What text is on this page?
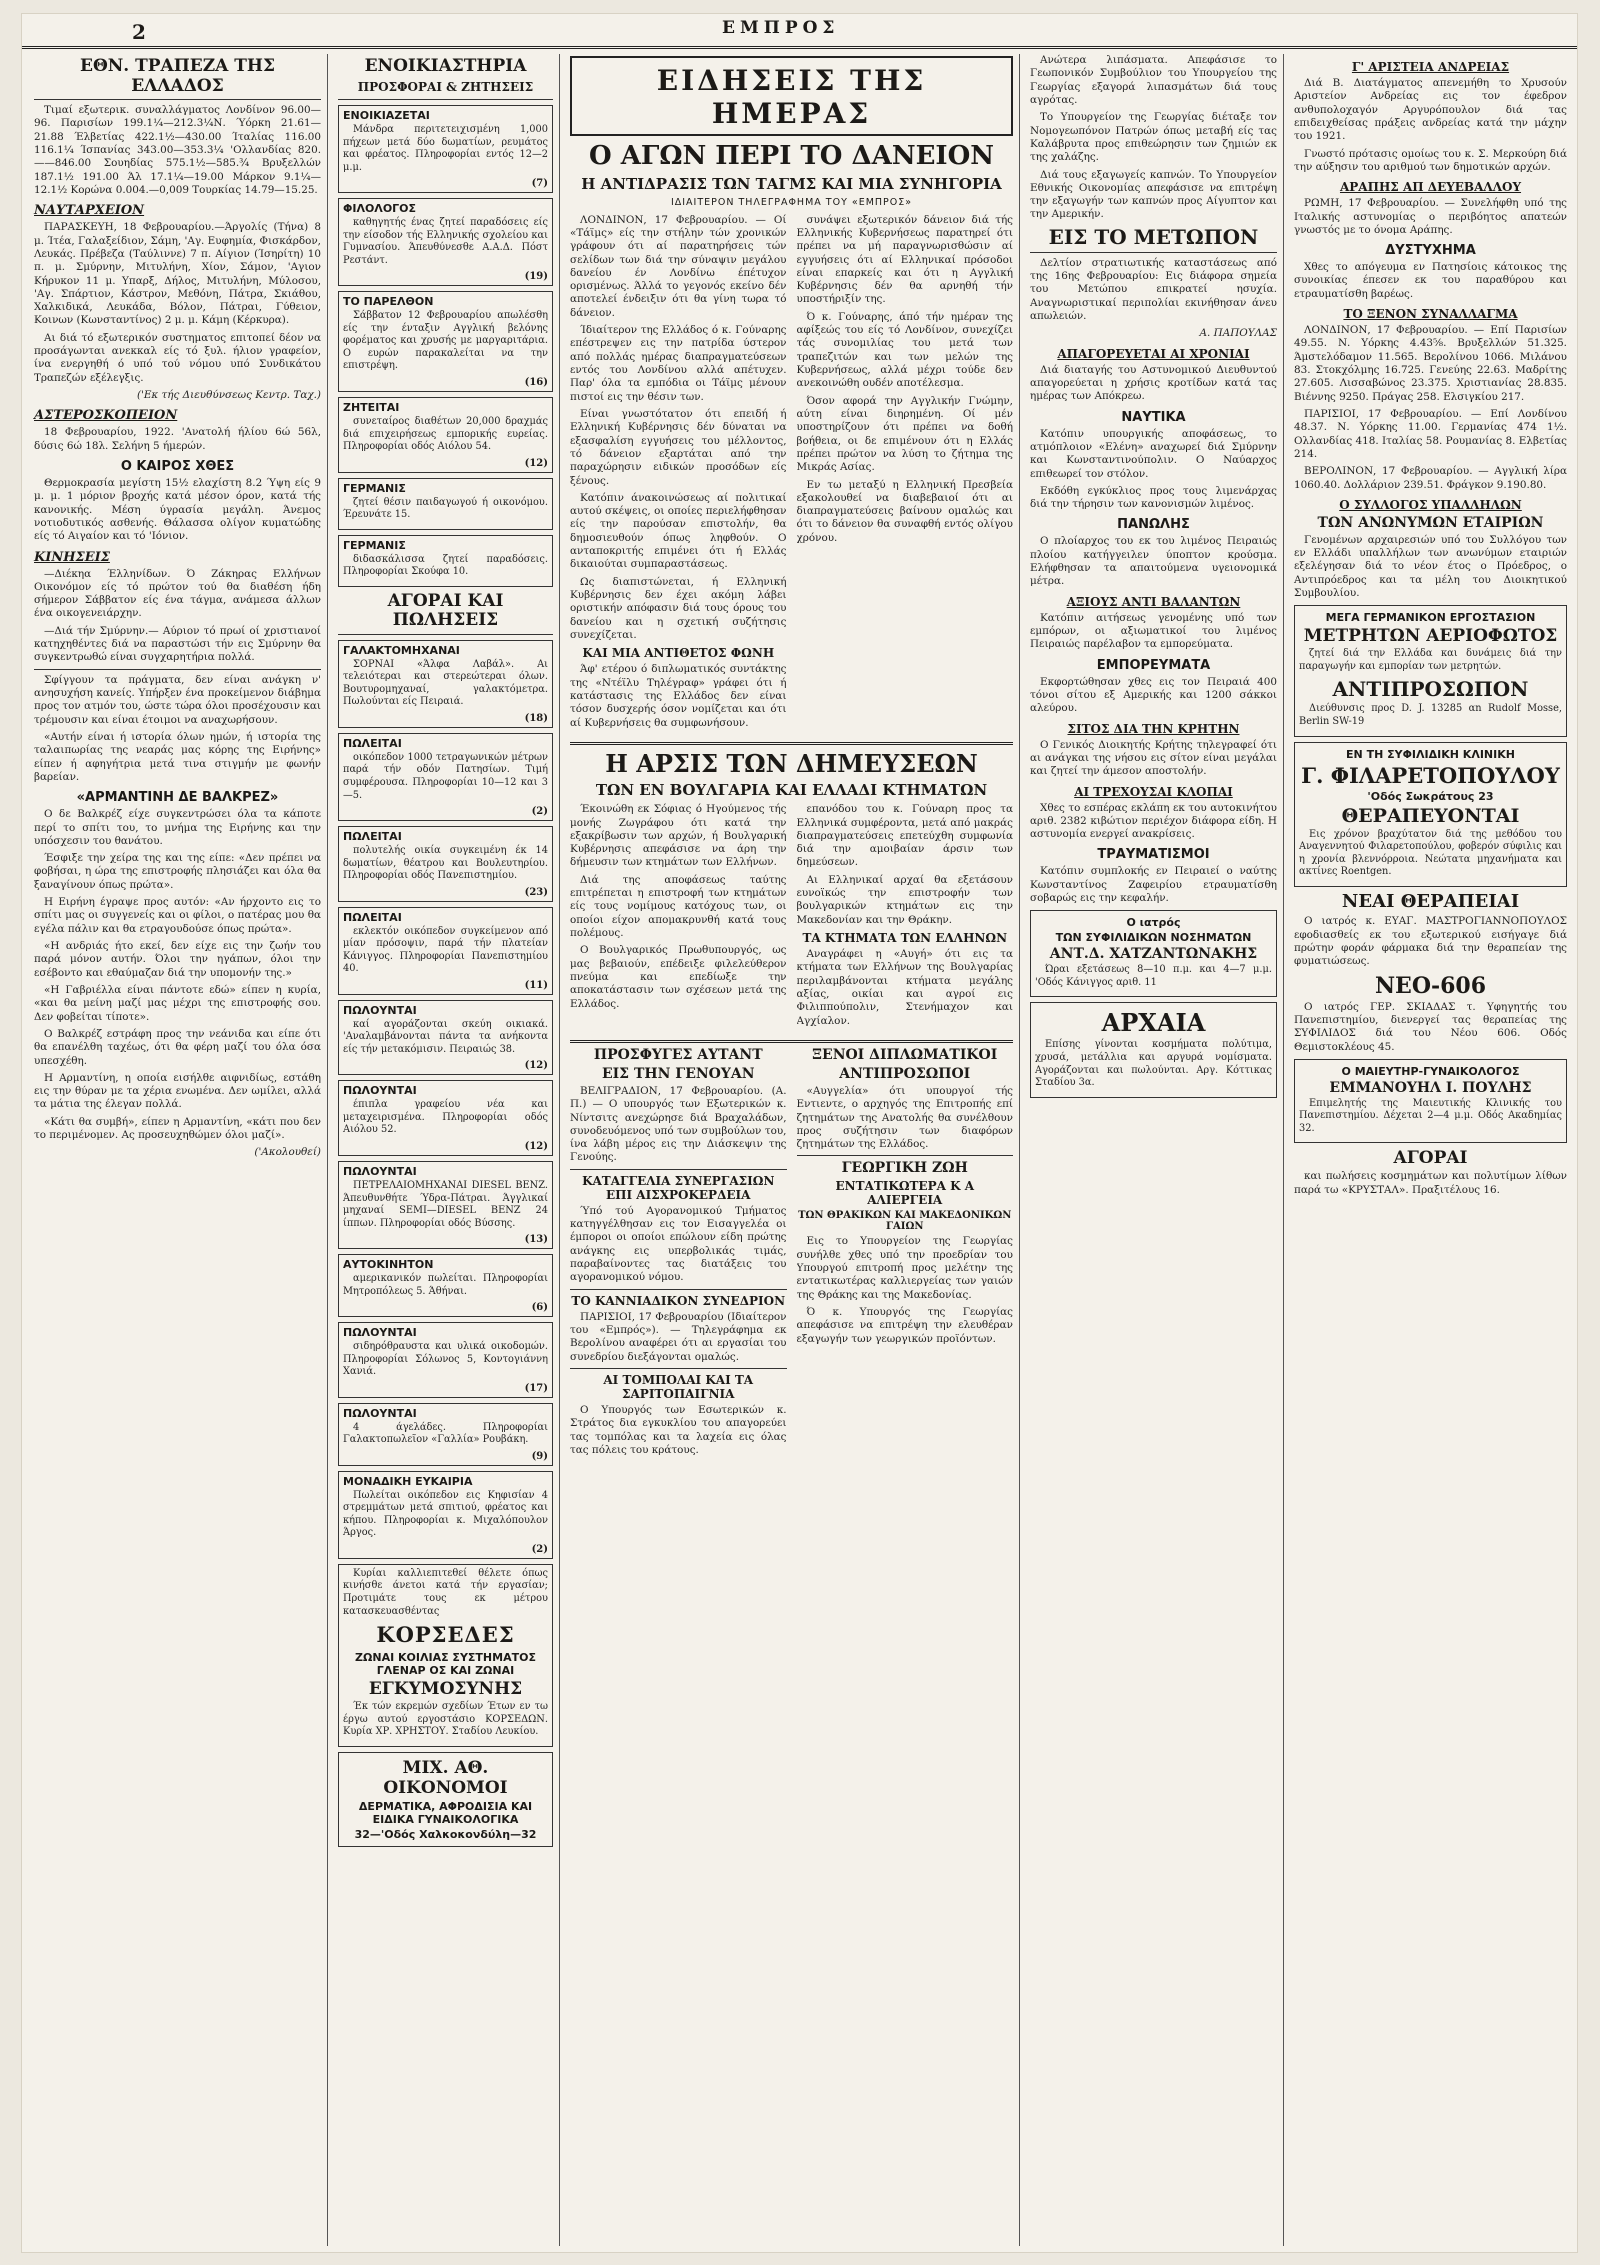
2	ΕΜΠΡΟΣ
ΕΘΝ. ΤΡΑΠΕΖΑ ΤΗΣ ΕΛΛΑΔΟΣ

Τιμαί εξωτερικ. συναλλάγματος Λονδίνον 96.00—96. Παρισίων 199.1¼—212.3¼Ν. Ύόρκη 21.61—21.88 Έλβετίας 422.1½—430.00 Ίταλίας 116.00 116.1¼ Ίσπανίας 343.00—353.3¼ 'Ολλανδίας 820.——846.00 Σουηδίας 575.1½—585.¾ Βρυξελλών 187.1½ 191.00 Άλ 17.1¼—19.00 Μάρκον 9.1¼—12.1½ Κορώνα 0.004.—0,009 Τουρκίας 14.79—15.25.

ΝΑΥΤΑΡΧΕΙΟΝ

ΠΑΡΑΣΚΕΥΗ, 18 Φεβρουαρίου.—Άργολίς (Τήνα) 8 μ. Ίτέα, Γαλαξείδιον, Σάμη, 'Αγ. Ευφημία, Φισκάρδον, Λευκάς. Πρέβεζα (Ταύλιννε) 7 π. Αίγιον (Ίσηρίτη) 10 π. μ. Σμύρνην, Μιτυλήνη, Χίον, Σάμον, 'Αγιον Κήρυκον 11 μ. Υπαρξ, Δήλος, Μιτυλήνη, Μύλοσου, 'Αγ. Σπάρτιον, Κάστρον, Μεθόνη, Πάτρα, Σκιάθου, Χαλκιδικά, Λευκάδα, Βόλον, Πάτραι, Γύθειον, Κοινων (Κωνσταντίνος) 2 μ. μ. Κάμη (Κέρκυρα).

Αι διά τό εξωτερικόν συστηματος επιτοπεί δέον να προσάγωνται ανεκκαλ είς τό ξυλ. ήλιον γραφείον, ίνα ενεργηθή ό υπό τού νόμου υπό Συνδικάτου Τραπεζών εξέλεγξις.

('Εκ τής Διευθύνσεως Κεντρ. Ταχ.)

ΑΣΤΕΡΟΣΚΟΠΕΙΟΝ

18 Φεβρουαρίου, 1922. 'Ανατολή ήλίου 6ώ 56λ, δύσις 6ώ 18λ. Σελήνη 5 ήμερών.

Ο ΚΑΙΡΟΣ ΧΘΕΣ

Θερμοκρασία μεγίστη 15½ ελαχίστη 8.2 Ύψη είς 9 μ. μ. 1 μόριον βροχής κατά μέσον όρον, κατά τής κανονικής. Μέση ύγρασία μεγάλη. Άνεμος νοτιοδυτικός ασθενής. Θάλασσα ολίγον κυματώδης είς τό Αιγαίον και τό 'Ιόνιον.

ΚΙΝΗΣΕΙΣ

—Διέκηα Έλληνίδων. Ό Ζάκηρας Ελλήνων Οικονόμον είς τό πρώτον τού θα διαθέση ήδη σήμερον Σάββατον είς ένα τάγμα, ανάμεσα άλλων ένα οικογενειάρχην.

—Διά τήν Σμύρνην.— Αύριον τό πρωί οί χριστιανοί κατηχηθέντες διά να παραστώσι τήν εις Σμύρνην θα συγκεντρωθώ είναι συγχαρητήρια πολλά.

Σφίγγουν τα πράγματα, δεν είναι ανάγκη ν' ανησυχήση κανείς. Υπήρξεν ένα προκείμενον διάβημα προς τον ατμόν του, ώστε τώρα όλοι προσέχουσιν και τρέμουσιν και είναι έτοιμοι να αναχωρήσουν.

«Αυτήν είναι ή ιστορία όλων ημών, ή ιστορία της ταλαιπωρίας της νεαράς μας κόρης της Ειρήνης» είπεν ή αφηγήτρια μετά τινα στιγμήν με φωνήν βαρείαν.

«ΑΡΜΑΝΤΙΝΗ ΔΕ ΒΑΛΚΡΕΖ»

Ο δε Βαλκρέζ είχε συγκεντρώσει όλα τα κάποτε περί το σπίτι του, το μνήμα της Ειρήνης και την υπόσχεσιν του θανάτου.

Έσφιξε την χείρα της και της είπε: «Δεν πρέπει να φοβήσαι, η ώρα της επιστροφής πλησιάζει και όλα θα ξαναγίνουν όπως πρώτα».

Η Ειρήνη έγραψε προς αυτόν: «Αν ήρχοντο εις το σπίτι μας οι συγγενείς και οι φίλοι, ο πατέρας μου θα εγέλα πάλιν και θα ετραγουδούσε όπως πρώτα».

«Η ανδριάς ήτο εκεί, δεν είχε εις την ζωήν του παρά μόνον αυτήν. Όλοι την ηγάπων, όλοι την εσέβοντο και εθαύμαζαν διά την υπομονήν της.»

«Η Γαβριέλλα είναι πάντοτε εδώ» είπεν η κυρία, «και θα μείνη μαζί μας μέχρι της επιστροφής σου. Δεν φοβείται τίποτε».

Ο Βαλκρέζ εστράφη προς την νεάνιδα και είπε ότι θα επανέλθη ταχέως, ότι θα φέρη μαζί του όλα όσα υπεσχέθη.

Η Αρμαντίνη, η οποία εισήλθε αιφνιδίως, εστάθη εις την θύραν με τα χέρια ενωμένα. Δεν ωμίλει, αλλά τα μάτια της έλεγαν πολλά.

«Κάτι θα συμβή», είπεν η Αρμαντίνη, «κάτι που δεν το περιμένομεν. Ας προσευχηθώμεν όλοι μαζί».

('Ακολουθεί)

ΕΝΟΙΚΙΑΣΤΗΡΙΑ
ΠΡΟΣΦΟΡΑΙ & ΖΗΤΗΣΕΙΣ
ΕΝΟΙΚΙΑΖΕΤΑΙ

Μάνδρα περιτετειχισμένη 1,000 πήχεων μετά δύο δωματίων, ρευμάτος και φρέατος. Πληροφορίαι εντός 12—2 μ.μ.

(7)
ΦΙΛΟΛΟΓΟΣ

καθηγητής ένας ζητεί παραδόσεις είς την είσοδον τής Ελληνικής σχολείου και Γυμνασίου. Άπευθύνεσθε Α.Α.Δ. Πόστ Ρεστάντ.

(19)
ΤΟ ΠΑΡΕΛΘΟΝ

Σάββατον 12 Φεβρουαρίου απωλέσθη είς την ένταξιν Αγγλική βελόνης φορέματος και χρυσής με μαργαριτάρια. Ο ευρών παρακαλείται να την επιστρέψη.

(16)
ΖΗΤΕΙΤΑΙ

συνεταίρος διαθέτων 20,000 δραχμάς διά επιχειρήσεως εμπορικής ευρείας. Πληροφορίαι οδός Αιόλου 54.

(12)
ΓΕΡΜΑΝΙΣ

ζητεί θέσιν παιδαγωγού ή οικονόμου. Έρευνάτε 15.

ΓΕΡΜΑΝΙΣ

διδασκάλισσα ζητεί παραδόσεις. Πληροφορίαι Σκούφα 10.

ΑΓΟΡΑΙ ΚΑΙ ΠΩΛΗΣΕΙΣ
ΓΑΛΑΚΤΟΜΗΧΑΝΑΙ

ΣΟΡΝΑΙ «Άλφα Λαβάλ». Αι τελειότεραι και στερεώτεραι όλων. Βουτυρομηχαναί, γαλακτόμετρα. Πωλούνται είς Πειραιά.

(18)
ΠΩΛΕΙΤΑΙ

οικόπεδον 1000 τετραγωνικών μέτρων παρά τήν οδόν Πατησίων. Τιμή συμφέρουσα. Πληροφορίαι 10—12 και 3—5.

(2)
ΠΩΛΕΙΤΑΙ

πολυτελής οικία συγκειμένη έκ 14 δωματίων, θέατρου και Βουλευτηρίου. Πληροφορίαι οδός Πανεπιστημίου.

(23)
ΠΩΛΕΙΤΑΙ

εκλεκτόν οικόπεδον συγκείμενον από μίαν πρόσοψιν, παρά τήν πλατείαν Κάνιγγος. Πληροφορίαι Πανεπιστημίου 40.

(11)
ΠΩΛΟΥΝΤΑΙ

καί αγοράζονται σκεύη οικιακά. 'Αναλαμβάνονται πάντα τα ανήκοντα είς τήν μετακόμισιν. Πειραιώς 38.

(12)
ΠΩΛΟΥΝΤΑΙ

έπιπλα γραφείου νέα και μεταχειρισμένα. Πληροφορίαι οδός Αιόλου 52.

(12)
ΠΩΛΟΥΝΤΑΙ

ΠΕΤΡΕΛΑΙΟΜΗΧΑΝΑΙ DIESEL BENZ. Άπευθυνθήτε Ύδρα-Πάτραι. Άγγλικαί μηχαναί SEMI—DIESEL BENZ 24 ίππων. Πληροφορίαι οδός Βύσσης.

(13)
ΑΥΤΟΚΙΝΗΤΟΝ

αμερικανικόν πωλείται. Πληροφορίαι Μητροπόλεως 5. Άθήναι.

(6)
ΠΩΛΟΥΝΤΑΙ

σιδηρόθραυστα και υλικά οικοδομών. Πληροφορίαι Σόλωνος 5, Κοντογιάννη Χανιά.

(17)
ΠΩΛΟΥΝΤΑΙ

4 άγελάδες. Πληροφορίαι Γαλακτοπωλεῖον «Γαλλία» Ρουβάκη.

(9)
ΜΟΝΑΔΙΚΗ ΕΥΚΑΙΡΙΑ

Πωλείται οικόπεδον εις Κηφισίαν 4 στρεμμάτων μετά σπιτιού, φρέατος και κήπου. Πληροφορίαι κ. Μιχαλόπουλον Άργος.

(2)

Κυρίαι καλλιεπιτεθεί θέλετε όπως κινήσθε άνετοι κατά τήν εργασίαν; Προτιμάτε τους εκ μέτρου κατασκευασθέντας

ΚΟΡΣΕΔΕΣ
ΖΩΝΑΙ ΚΟΙΛΙΑΣ ΣΥΣΤΗΜΑΤΟΣ ΓΛΕΝΑΡ ΟΣ ΚΑΙ ΖΩΝΑΙ
ΕΓΚΥΜΟΣΥΝΗΣ

Έκ τών εκρεμών σχεδίων Έτων εν τω έργω αυτού εργοστάσιο ΚΟΡΣΕΔΩΝ. Κυρία ΧΡ. ΧΡΗΣΤΟΥ. Σταδίου Λευκίου.

ΜΙΧ. ΑΘ. ΟΙΚΟΝΟΜΟΙ
ΔΕΡΜΑΤΙΚΑ, ΑΦΡΟΔΙΣΙΑ ΚΑΙ ΕΙΔΙΚΑ ΓΥΝΑΙΚΟΛΟΓΙΚΑ
32—'Οδός Χαλκοκονδύλη—32
ΕΙΔΗΣΕΙΣ ΤΗΣ ΗΜΕΡΑΣ
Ο ΑΓΩΝ ΠΕΡΙ ΤΟ ΔΑΝΕΙΟΝ
Η ΑΝΤΙΔΡΑΣΙΣ ΤΩΝ ΤΑΓΜΣ ΚΑΙ ΜΙΑ ΣΥΝΗΓΟΡΙΑ
ΙΔΙΑΙΤΕΡΟΝ ΤΗΛΕΓΡΑΦΗΜΑ ΤΟΥ «ΕΜΠΡΟΣ»

ΛΟΝΔΙΝΟΝ, 17 Φεβρουαρίου. — Οί «Τάϊμς» είς την στήλην τών χρονικών γράφουν ότι αί παρατηρήσεις τών σελίδων των διά την σύναψιν μεγάλου δανείου έν Λονδίνω έπέτυχον ορισμένως. Άλλά το γεγονός εκείνο δέν αποτελεί ένδειξιν ότι θα γίνη τωρα τό δάνειον.

Ίδιαίτερον της Ελλάδος ό κ. Γούναρης επέστρεψεν εις την πατρίδα ύστερον από πολλάς ημέρας διαπραγματεύσεων εντός του Λονδίνου αλλά απέτυχεν. Παρ' όλα τα εμπόδια οι Τάϊμς μένουν πιστοί εις την θέσιν των.

Είναι γνωστότατον ότι επειδή ή Ελληνική Κυβέρνησις δέν δύναται να εξασφαλίση εγγυήσεις του μέλλοντος, τό δάνειον εξαρτάται από την παραχώρησιν ειδικών προσόδων είς ξένους.

Κατόπιν άνακοινώσεως αί πολιτικαί αυτού σκέψεις, οι οποίες περιελήφθησαν είς την παρούσαν επιστολήν, θα δημοσιευθούν όπως ληφθούν. Ο ανταποκριτής επιμένει ότι ή Ελλάς δικαιούται συμπαραστάσεως.

Ως διαπιστώνεται, ή Ελληνική Κυβέρνησις δεν έχει ακόμη λάβει οριστικήν απόφασιν διά τους όρους του δανείου και η σχετική συζήτησις συνεχίζεται.

ΚΑΙ ΜΙΑ ΑΝΤΙΘΕΤΟΣ ΦΩΝΗ

Άφ' ετέρου ό διπλωματικός συντάκτης της «Ντέϊλυ Τηλέγραφ» γράφει ότι ή κατάστασις της Ελλάδος δεν είναι τόσον δυσχερής όσον νομίζεται και ότι αί Κυβερνήσεις θα συμφωνήσουν.

συνάψει εξωτερικόν δάνειον διά τής Ελληνικής Κυβερνήσεως παρατηρεί ότι πρέπει να μή παραγνωρισθώσιν αί εγγυήσεις ότι αί Ελληνικαί πρόσοδοι είναι επαρκείς και ότι η Αγγλική Κυβέρνησις δέν θα αρνηθή τήν υποστήριξίν της.

Ό κ. Γούναρης, άπό τήν ημέραν της αφίξεώς του είς τό Λονδίνον, συνεχίζει τάς συνομιλίας του μετά των τραπεζιτών και των μελών της Κυβερνήσεως, αλλά μέχρι τούδε δεν ανεκοινώθη ουδέν αποτέλεσμα.

Όσον αφορά την Αγγλικήν Γνώμην, αύτη είναι διηρημένη. Οί μέν υποστηρίζουν ότι πρέπει να δοθή βοήθεια, οι δε επιμένουν ότι η Ελλάς πρέπει πρώτον να λύση το ζήτημα της Μικράς Ασίας.

Εν τω μεταξύ η Ελληνική Πρεσβεία εξακολουθεί να διαβεβαιοί ότι αι διαπραγματεύσεις βαίνουν ομαλώς και ότι το δάνειον θα συναφθή εντός ολίγου χρόνου.

Η ΑΡΣΙΣ ΤΩΝ ΔΗΜΕΥΣΕΩΝ
ΤΩΝ ΕΝ ΒΟΥΛΓΑΡΙΑ ΚΑΙ ΕΛΛΑΔΙ ΚΤΗΜΑΤΩΝ

Έκοινώθη εκ Σόφιας ό Ηγούμενος τής μονής Ζωγράφου ότι κατά την εξακρίβωσιν των αρχών, ή Βουλγαρική Κυβέρνησις απεφάσισε να άρη την δήμευσιν των κτημάτων των Ελλήνων.

Διά της αποφάσεως ταύτης επιτρέπεται η επιστροφή των κτημάτων είς τους νομίμους κατόχους των, οι οποίοι είχον απομακρυνθή κατά τους πολέμους.

Ο Βουλγαρικός Πρωθυπουργός, ως μας βεβαιούν, επέδειξε φιλελεύθερον πνεύμα και επεδίωξε την αποκατάστασιν των σχέσεων μετά της Ελλάδος.

επανόδου του κ. Γούναρη προς τα Ελληνικά συμφέροντα, μετά από μακράς διαπραγματεύσεις επετεύχθη συμφωνία διά την αμοιβαίαν άρσιν των δημεύσεων.

Αι Ελληνικαί αρχαί θα εξετάσουν ευνοϊκώς την επιστροφήν των βουλγαρικών κτημάτων εις την Μακεδονίαν και την Θράκην.

ΤΑ ΚΤΗΜΑΤΑ ΤΩΝ ΕΛΛΗΝΩΝ

Αναγράφει η «Αυγή» ότι εις τα κτήματα των Ελλήνων της Βουλγαρίας περιλαμβάνονται κτήματα μεγάλης αξίας, οικίαι και αγροί εις Φιλιππούπολιν, Στενήμαχον και Αγχίαλον.

ΠΡΟΣΦΥΓΕΣ ΑΥΤΑΝΤ
ΕΙΣ ΤΗΝ ΓΕΝΟΥΑΝ

ΒΕΛΙΓΡΑΔΙΟΝ, 17 Φεβρουαρίου. (Α. Π.) — Ο υπουργός των Εξωτερικών κ. Νίντσιτς ανεχώρησε διά Βραχαλάδων, συνοδευόμενος υπό των συμβούλων του, ίνα λάβη μέρος εις την Διάσκεψιν της Γενούης.

ΚΑΤΑΓΓΕΛΙΑ ΣΥΝΕΡΓΑΣΙΩΝ ΕΠΙ ΑΙΣΧΡΟΚΕΡΔΕΙΑ

Ύπό τού Αγορανομικού Τμήματος κατηγγέλθησαν εις τον Εισαγγελέα οι έμποροι οι οποίοι επώλουν είδη πρώτης ανάγκης εις υπερβολικάς τιμάς, παραβαίνοντες τας διατάξεις του αγορανομικού νόμου.

ΤΟ ΚΑΝΝΙΑΔΙΚΟΝ ΣΥΝΕΔΡΙΟΝ

ΠΑΡΙΣΙΟΙ, 17 Φεβρουαρίου (Ιδιαίτερον του «Εμπρός»). — Τηλεγράφημα εκ Βερολίνου αναφέρει ότι αι εργασίαι του συνεδρίου διεξάγονται ομαλώς.

ΑΙ ΤΟΜΠΟΛΑΙ ΚΑΙ ΤΑ ΣΑΡΙΤΟΠΑΙΓΝΙΑ

Ο Υπουργός των Εσωτερικών κ. Στράτος δια εγκυκλίου του απαγορεύει τας τομπόλας και τα λαχεία εις όλας τας πόλεις του κράτους.

ΞΕΝΟΙ ΔΙΠΛΩΜΑΤΙΚΟΙ
ΑΝΤΙΠΡΟΣΩΠΟΙ

«Αυγγελία» ότι υπουργοί τής Εντιεντε, ο αρχηγός της Επιτροπής επί ζητημάτων της Ανατολής θα συνέλθουν προς συζήτησιν των διαφόρων ζητημάτων της Ελλάδος.

ΓΕΩΡΓΙΚΗ ΖΩΗ
ΕΝΤΑΤΙΚΩΤΕΡΑ Κ Α ΑΛΙΕΡΓΕΙΑ
ΤΩΝ ΘΡΑΚΙΚΩΝ ΚΑΙ ΜΑΚΕΔΟΝΙΚΩΝ ΓΑΙΩΝ

Εις το Υπουργείον της Γεωργίας συνήλθε χθες υπό την προεδρίαν του Υπουργού επιτροπή προς μελέτην της εντατικωτέρας καλλιεργείας των γαιών της Θράκης και της Μακεδονίας.

Ό κ. Υπουργός της Γεωργίας απεφάσισε να επιτρέψη την ελευθέραν εξαγωγήν των γεωργικών προϊόντων.

Ανώτερα λιπάσματα. Απεφάσισε το Γεωπονικόν Συμβούλιον του Υπουργείου της Γεωργίας εξαγορά λιπασμάτων διά τους αγρότας.

Το Υπουργείον της Γεωργίας διέταξε τον Νομογεωπόνον Πατρών όπως μεταβή είς τας Καλάβρυτα προς επιθεώρησιν των ζημιών εκ της χαλάζης.

Διά τους εξαγωγείς καπνών. Το Υπουργείον Εθνικής Οικονομίας απεφάσισε να επιτρέψη την εξαγωγήν των καπνών προς Αίγυπτον και την Αμερικήν.

ΕΙΣ ΤΟ ΜΕΤΩΠΟΝ

Δελτίον στρατιωτικής καταστάσεως από της 16ης Φεβρουαρίου: Εις διάφορα σημεία του Μετώπου επικρατεί ησυχία. Αναγνωριστικαί περιπολίαι εκινήθησαν άνευ απωλειών.

Α. ΠΑΠΟΥΛΑΣ

ΑΠΑΓΟΡΕΥΕΤΑΙ ΑΙ ΧΡΟΝΙΑΙ

Διά διαταγής του Αστυνομικού Διευθυντού απαγορεύεται η χρήσις κροτίδων κατά τας ημέρας των Απόκρεω.

ΝΑΥΤΙΚΑ

Κατόπιν υπουργικής αποφάσεως, το ατμόπλοιον «Ελένη» αναχωρεί διά Σμύρνην και Κωνσταντινούπολιν. Ο Ναύαρχος επιθεωρεί τον στόλον.

Εκδόθη εγκύκλιος προς τους λιμενάρχας διά την τήρησιν των κανονισμών λιμένος.

ΠΑΝΩΛΗΣ

Ο πλοίαρχος του εκ του λιμένος Πειραιώς πλοίου κατήγγειλεν ύποπτον κρούσμα. Ελήφθησαν τα απαιτούμενα υγειονομικά μέτρα.

ΑΞΙΟΥΣ ΑΝΤΙ ΒΑΛΑΝΤΩΝ

Κατόπιν αιτήσεως γενομένης υπό των εμπόρων, οι αξιωματικοί του λιμένος Πειραιώς παρέλαβον τα εμπορεύματα.

ΕΜΠΟΡΕΥΜΑΤΑ

Εκφορτώθησαν χθες εις τον Πειραιά 400 τόνοι σίτου εξ Αμερικής και 1200 σάκκοι αλεύρου.

ΣΙΤΟΣ ΔΙΑ ΤΗΝ ΚΡΗΤΗΝ

Ο Γενικός Διοικητής Κρήτης τηλεγραφεί ότι αι ανάγκαι της νήσου εις σίτον είναι μεγάλαι και ζητεί την άμεσον αποστολήν.

ΑΙ ΤΡΕΧΟΥΣΑΙ ΚΛΟΠΑΙ

Χθες το εσπέρας εκλάπη εκ του αυτοκινήτου αριθ. 2382 κιβώτιον περιέχον διάφορα είδη. Η αστυνομία ενεργεί ανακρίσεις.

ΤΡΑΥΜΑΤΙΣΜΟΙ

Κατόπιν συμπλοκής εν Πειραιεί ο ναύτης Κωνσταντίνος Ζαφειρίου ετραυματίσθη σοβαρώς εις την κεφαλήν.

Ο ιατρός
ΤΩΝ ΣΥΦΙΛΙΔΙΚΩΝ ΝΟΣΗΜΑΤΩΝ
ΑΝΤ.Δ. ΧΑΤΖΑΝΤΩΝΑΚΗΣ

Ώραι εξετάσεως 8—10 π.μ. και 4—7 μ.μ. 'Οδός Κάνιγγος αριθ. 11

ΑΡΧΑΙΑ

Επίσης γίνονται κοσμήματα πολύτιμα, χρυσά, μετάλλια και αργυρά νομίσματα. Αγοράζονται και πωλούνται. Αργ. Κόττικας Σταδίου 3α.

Γ' ΑΡΙΣΤΕΙΑ ΑΝΔΡΕΙΑΣ

Διά Β. Διατάγματος απενεμήθη το Χρυσούν Αριστείον Ανδρείας εις τον έφεδρον ανθυπολοχαγόν Αργυρόπουλον διά τας επιδειχθείσας πράξεις ανδρείας κατά την μάχην του 1921.

Γνωστό πρότασις ομοίως του κ. Σ. Μερκούρη διά την αύξησιν του αριθμού των δημοτικών αρχών.

ΑΡΑΠΗΣ ΑΠ ΔΕΥΕΒΑΛΛΟΥ

ΡΩΜΗ, 17 Φεβρουαρίου. — Συνελήφθη υπό της Ιταλικής αστυνομίας ο περιβόητος απατεών γνωστός με το όνομα Αράπης.

ΔΥΣΤΥΧΗΜΑ

Χθες το απόγευμα εν Πατησίοις κάτοικος της συνοικίας έπεσεν εκ του παραθύρου και ετραυματίσθη βαρέως.

ΤΟ ΞΕΝΟΝ ΣΥΝΑΛΛΑΓΜΑ

ΛΟΝΔΙΝΟΝ, 17 Φεβρουαρίου. — Επί Παρισίων 49.55. Ν. Υόρκης 4.43⅝. Βρυξελλών 51.325. Άμστελόδαμον 11.565. Βερολίνου 1066. Μιλάνου 83. Στοκχόλμης 16.725. Γενεύης 22.63. Μαδρίτης 27.605. Λισσαβώνος 23.375. Χριστιανίας 28.835. Βιέννης 9250. Πράγας 258. Ελσιγκίου 217.

ΠΑΡΙΣΙΟΙ, 17 Φεβρουαρίου. — Επί Λονδίνου 48.37. Ν. Υόρκης 11.00. Γερμανίας 474 1½. Ολλανδίας 418. Ιταλίας 58. Ρουμανίας 8. Ελβετίας 214.

ΒΕΡΟΛΙΝΟΝ, 17 Φεβρουαρίου. — Αγγλική λίρα 1060.40. Δολλάριον 239.51. Φράγκον 9.190.80.

Ο ΣΥΛΛΟΓΟΣ ΥΠΑΛΛΗΛΩΝ
ΤΩΝ ΑΝΩΝΥΜΩΝ ΕΤΑΙΡΙΩΝ

Γενομένων αρχαιρεσιών υπό του Συλλόγου των εν Ελλάδι υπαλλήλων των ανωνύμων εταιριών εξελέγησαν διά το νέον έτος ο Πρόεδρος, ο Αντιπρόεδρος και τα μέλη του Διοικητικού Συμβουλίου.

ΜΕΓΑ ΓΕΡΜΑΝΙΚΟΝ ΕΡΓΟΣΤΑΣΙΟΝ
ΜΕΤΡΗΤΩΝ ΑΕΡΙΟΦΩΤΟΣ

ζητεί διά την Ελλάδα και δυνάμεις διά την παραγωγήν και εμπορίαν των μετρητών.

ΑΝΤΙΠΡΟΣΩΠΟΝ

Διεύθυνσις προς D. J. 13285 αn Rudolf Mosse, Berlin SW-19

ΕΝ ΤΗ ΣΥΦΙΛΙΔΙΚΗ ΚΛΙΝΙΚΗ
Γ. ΦΙΛΑΡΕΤΟΠΟΥΛΟΥ
'Οδός Σωκράτους 23
ΘΕΡΑΠΕΥΟΝΤΑΙ

Εις χρόνον βραχύτατον διά της μεθόδου του Αναγεννητού Φιλαρετοπούλου, φοβερόν σύφιλις και η χρονία βλεννόρροια. Νεώτατα μηχανήματα και ακτίνες Roentgen.

ΝΕΑΙ ΘΕΡΑΠΕΙΑΙ

Ο ιατρός κ. ΕΥΑΓ. ΜΑΣΤΡΟΓΙΑΝΝΟΠΟΥΛΟΣ εφοδιασθείς εκ του εξωτερικού εισήγαγε διά πρώτην φοράν φάρμακα διά την θεραπείαν της φυματιώσεως.

ΝΕΟ-606

Ο ιατρός ΓΕΡ. ΣΚΙΑΔΑΣ τ. Υφηγητής του Πανεπιστημίου, διενεργεί τας θεραπείας της ΣΥΦΙΛΙΔΟΣ διά του Νέου 606. Οδός Θεμιστοκλέους 45.

Ο ΜΑΙΕΥΤΗΡ-ΓΥΝΑΙΚΟΛΟΓΟΣ
ΕΜΜΑΝΟΥΗΛ Ι. ΠΟΥΛΗΣ

Επιμελητής της Μαιευτικής Κλινικής του Πανεπιστημίου. Δέχεται 2—4 μ.μ. Οδός Ακαδημίας 32.

ΑΓΟΡΑΙ

και πωλήσεις κοσμημάτων και πολυτίμων λίθων παρά τω «ΚΡΥΣΤΑΛ». Πραξιτέλους 16.
